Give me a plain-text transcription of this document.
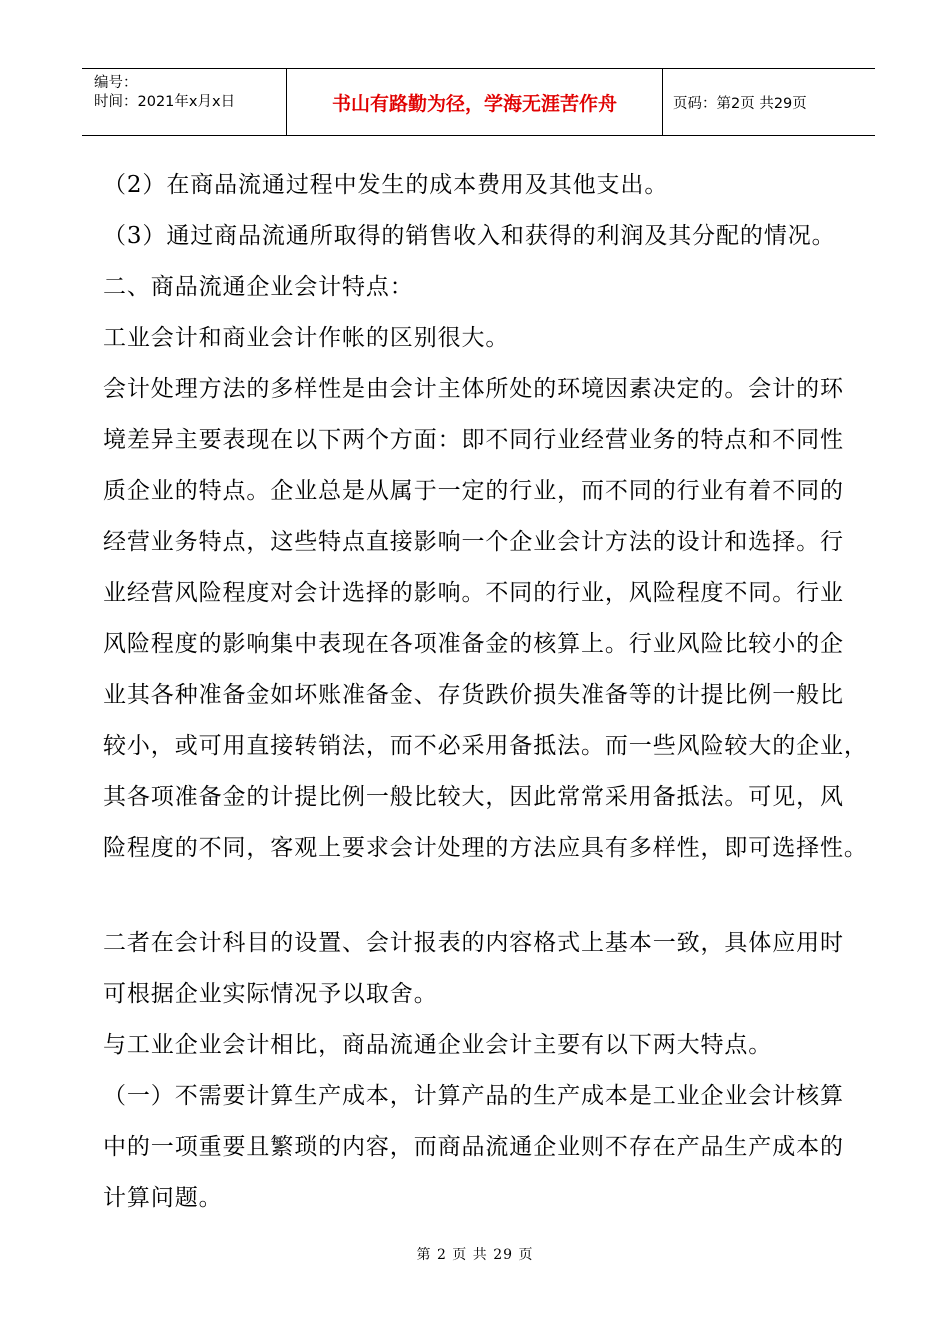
编号：
时间：2021年x月x日	书山有路勤为径，学海无涯苦作舟	页码：第2页 共29页

（2）在商品流通过程中发生的成本费用及其他支出。

（3）通过商品流通所取得的销售收入和获得的利润及其分配的情况。

二、商品流通企业会计特点：

工业会计和商业会计作帐的区别很大。

会计处理方法的多样性是由会计主体所处的环境因素决定的。会计的环

境差异主要表现在以下两个方面：即不同行业经营业务的特点和不同性

质企业的特点。企业总是从属于一定的行业，而不同的行业有着不同的

经营业务特点，这些特点直接影响一个企业会计方法的设计和选择。行

业经营风险程度对会计选择的影响。不同的行业，风险程度不同。行业

风险程度的影响集中表现在各项准备金的核算上。行业风险比较小的企

业其各种准备金如坏账准备金、存货跌价损失准备等的计提比例一般比

较小，或可用直接转销法，而不必采用备抵法。而一些风险较大的企业，

其各项准备金的计提比例一般比较大，因此常常采用备抵法。可见，风

险程度的不同，客观上要求会计处理的方法应具有多样性，即可选择性。

二者在会计科目的设置、会计报表的内容格式上基本一致，具体应用时

可根据企业实际情况予以取舍。

与工业企业会计相比，商品流通企业会计主要有以下两大特点。

（一）不需要计算生产成本，计算产品的生产成本是工业企业会计核算

中的一项重要且繁琐的内容，而商品流通企业则不存在产品生产成本的

计算问题。

第 2 页 共 29 页
